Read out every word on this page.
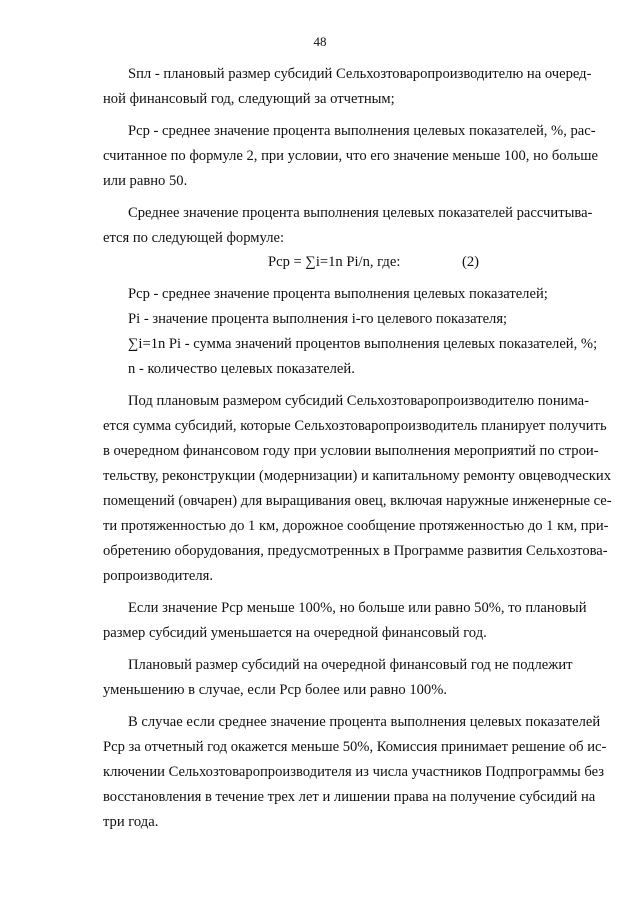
48
Sпл - плановый размер субсидий Сельхозтоваропроизводителю на очеред-
ной финансовый год, следующий за отчетным;
Рср - среднее значение процента выполнения целевых показателей, %, рас-
считанное по формуле 2, при условии, что его значение меньше 100, но больше
или равно 50.
Среднее значение процента выполнения целевых показателей рассчитыва-
ется по следующей формуле:
Pср = ∑i=1n Pi/n, где:	(2)
Pср - среднее значение процента выполнения целевых показателей;
Pi - значение процента выполнения i-го целевого показателя;
∑i=1n Pi - сумма значений процентов выполнения целевых показателей, %;
n - количество целевых показателей.
Под плановым размером субсидий Сельхозтоваропроизводителю понима-
ется сумма субсидий, которые Сельхозтоваропроизводитель планирует получить
в очередном финансовом году при условии выполнения мероприятий по строи-
тельству, реконструкции (модернизации) и капитальному ремонту овцеводческих
помещений (овчарен) для выращивания овец, включая наружные инженерные се-
ти протяженностью до 1 км, дорожное сообщение протяженностью до 1 км, при-
обретению оборудования, предусмотренных в Программе развития Сельхозтова-
ропроизводителя.
Если значение Pср меньше 100%, но больше или равно 50%, то плановый
размер субсидий уменьшается на очередной финансовый год.
Плановый размер субсидий на очередной финансовый год не подлежит
уменьшению в случае, если Pср более или равно 100%.
В случае если среднее значение процента выполнения целевых показателей
Pср за отчетный год окажется меньше 50%, Комиссия принимает решение об ис-
ключении Сельхозтоваропроизводителя из числа участников Подпрограммы без
восстановления в течение трех лет и лишении права на получение субсидий на
три года.
